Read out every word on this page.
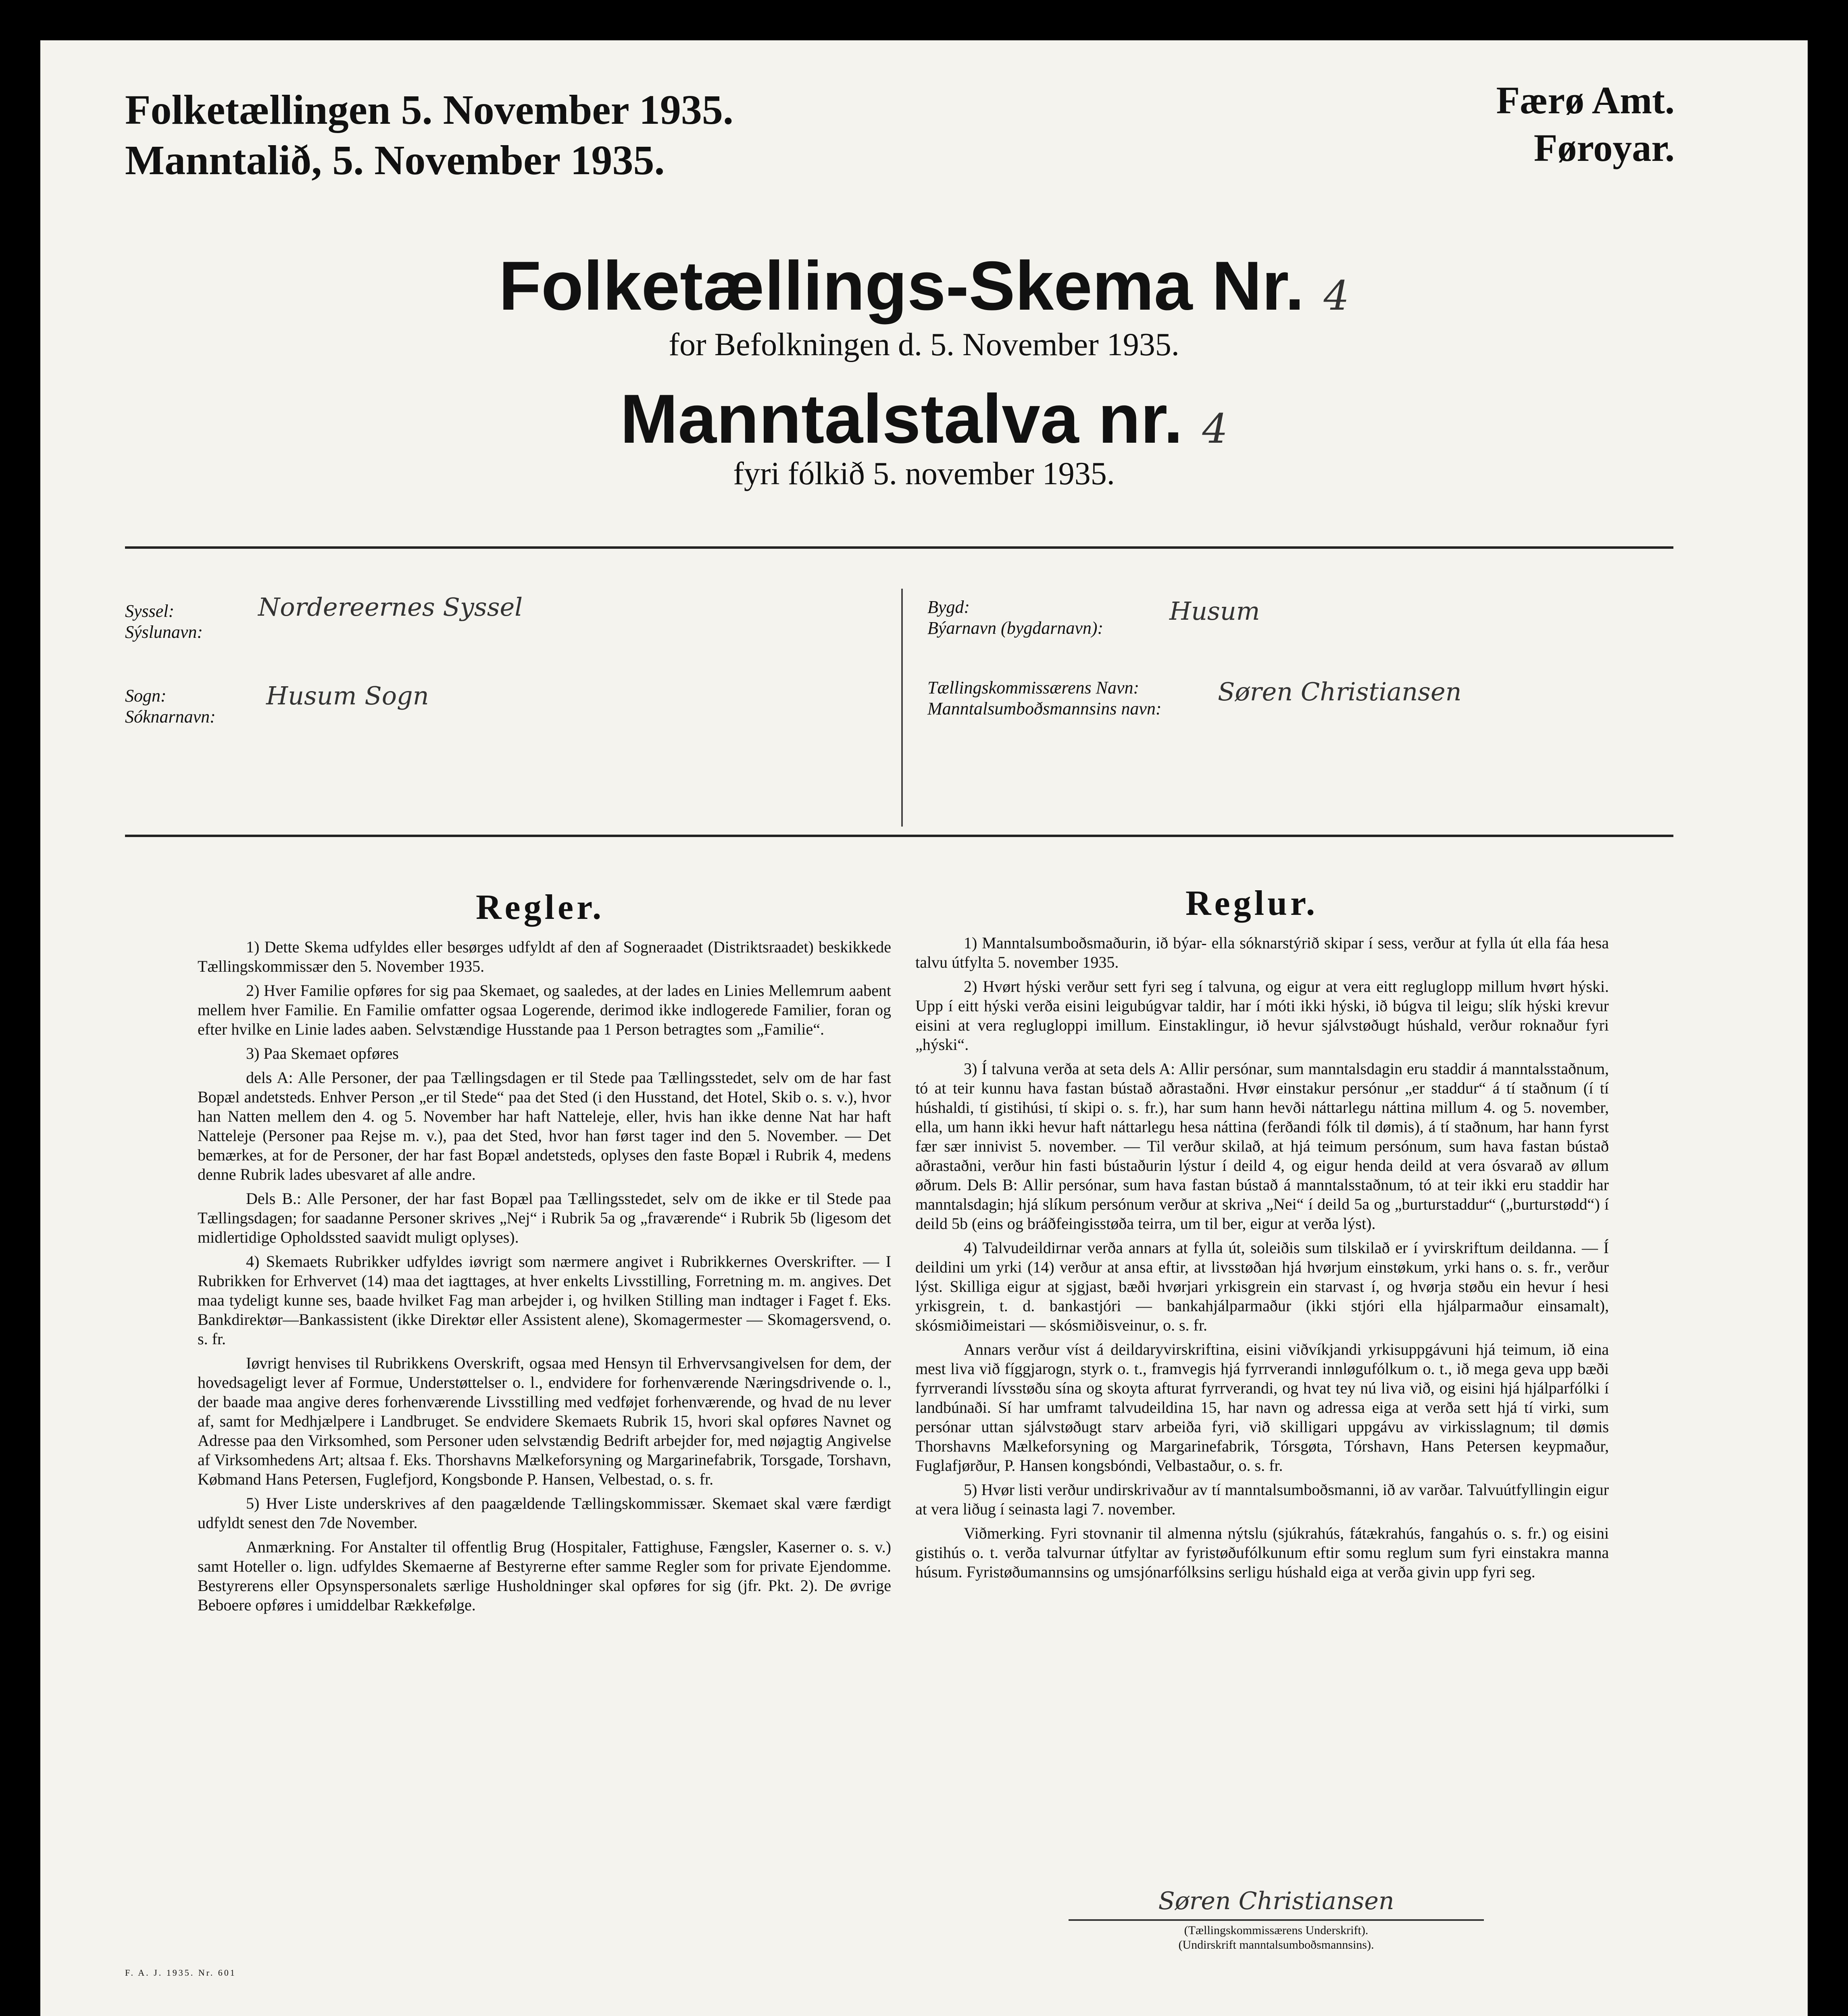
Folketællingen 5. November 1935.
Manntalið, 5. November 1935.
Færø Amt.
Føroyar.
Folketællings-Skema Nr. 4
for Befolkningen d. 5. November 1935.
Manntalstalva nr. 4
fyri fólkið 5. november 1935.
Syssel:
Sýslunavn:
Nordereernes Syssel
Sogn:
Sóknarnavn:
Husum Sogn
Bygd:
Býarnavn (bygdarnavn):
Husum
Tællingskommissærens Navn:
Manntalsumboðsmannsins navn:
Søren Christiansen
Regler.

1) Dette Skema udfyldes eller besørges udfyldt af den af Sogneraadet (Distriktsraadet) beskikkede Tællingskommissær den 5. November 1935.

2) Hver Familie opføres for sig paa Skemaet, og saaledes, at der lades en Linies Mellemrum aabent mellem hver Familie. En Familie omfatter ogsaa Logerende, derimod ikke indlogerede Familier, foran og efter hvilke en Linie lades aaben. Selvstændige Husstande paa 1 Person betragtes som „Familie“.

3) Paa Skemaet opføres

dels A: Alle Personer, der paa Tællingsdagen er til Stede paa Tællingsstedet, selv om de har fast Bopæl andetsteds. Enhver Person „er til Stede“ paa det Sted (i den Husstand, det Hotel, Skib o. s. v.), hvor han Natten mellem den 4. og 5. November har haft Natteleje, eller, hvis han ikke denne Nat har haft Natteleje (Personer paa Rejse m. v.), paa det Sted, hvor han først tager ind den 5. November. — Det bemærkes, at for de Personer, der har fast Bopæl andetsteds, oplyses den faste Bopæl i Rubrik 4, medens denne Rubrik lades ubesvaret af alle andre.

Dels B.: Alle Personer, der har fast Bopæl paa Tællingsstedet, selv om de ikke er til Stede paa Tællingsdagen; for saadanne Personer skrives „Nej“ i Rubrik 5a og „fraværende“ i Rubrik 5b (ligesom det midlertidige Opholdssted saavidt muligt oplyses).

4) Skemaets Rubrikker udfyldes iøvrigt som nærmere angivet i Rubrikkernes Overskrifter. — I Rubrikken for Erhvervet (14) maa det iagttages, at hver enkelts Livsstilling, Forretning m. m. angives. Det maa tydeligt kunne ses, baade hvilket Fag man arbejder i, og hvilken Stilling man indtager i Faget f. Eks. Bankdirektør—Bankassistent (ikke Direktør eller Assistent alene), Skomagermester — Skomagersvend, o. s. fr.

Iøvrigt henvises til Rubrikkens Overskrift, ogsaa med Hensyn til Erhvervsangivelsen for dem, der hovedsageligt lever af Formue, Understøttelser o. l., endvidere for forhenværende Næringsdrivende o. l., der baade maa angive deres forhenværende Livsstilling med vedføjet forhenværende, og hvad de nu lever af, samt for Medhjælpere i Landbruget. Se endvidere Skemaets Rubrik 15, hvori skal opføres Navnet og Adresse paa den Virksomhed, som Personer uden selvstændig Bedrift arbejder for, med nøjagtig Angivelse af Virksomhedens Art; altsaa f. Eks. Thorshavns Mælkeforsyning og Margarinefabrik, Torsgade, Torshavn, Købmand Hans Petersen, Fuglefjord, Kongsbonde P. Hansen, Velbestad, o. s. fr.

5) Hver Liste underskrives af den paagældende Tællingskommissær. Skemaet skal være færdigt udfyldt senest den 7de November.

Anmærkning. For Anstalter til offentlig Brug (Hospitaler, Fattighuse, Fængsler, Kaserner o. s. v.) samt Hoteller o. lign. udfyldes Skemaerne af Bestyrerne efter samme Regler som for private Ejendomme. Bestyrerens eller Opsynspersonalets særlige Husholdninger skal opføres for sig (jfr. Pkt. 2). De øvrige Beboere opføres i umiddelbar Rækkefølge.

Reglur.

1) Manntalsumboðsmaðurin, ið býar- ella sóknarstýrið skipar í sess, verður at fylla út ella fáa hesa talvu útfylta 5. november 1935.

2) Hvørt hýski verður sett fyri seg í talvuna, og eigur at vera eitt regluglopp millum hvørt hýski. Upp í eitt hýski verða eisini leigubúgvar taldir, har í móti ikki hýski, ið búgva til leigu; slík hýski krevur eisini at vera reglugloppi imillum. Einstaklingur, ið hevur sjálvstøðugt húshald, verður roknaður fyri „hýski“.

3) Í talvuna verða at seta dels A: Allir persónar, sum manntalsdagin eru staddir á manntalsstaðnum, tó at teir kunnu hava fastan bústað aðrastaðni. Hvør einstakur persónur „er staddur“ á tí staðnum (í tí húshaldi, tí gistihúsi, tí skipi o. s. fr.), har sum hann hevði náttarlegu náttina millum 4. og 5. november, ella, um hann ikki hevur haft náttarlegu hesa náttina (ferðandi fólk til dømis), á tí staðnum, har hann fyrst fær sær innivist 5. november. — Til verður skilað, at hjá teimum persónum, sum hava fastan bústað aðrastaðni, verður hin fasti bústaðurin lýstur í deild 4, og eigur henda deild at vera ósvarað av øllum øðrum. Dels B: Allir persónar, sum hava fastan bústað á manntalsstaðnum, tó at teir ikki eru staddir har manntalsdagin; hjá slíkum persónum verður at skriva „Nei“ í deild 5a og „burturstaddur“ („burturstødd“) í deild 5b (eins og bráðfeingisstøða teirra, um til ber, eigur at verða lýst).

4) Talvudeildirnar verða annars at fylla út, soleiðis sum tilskilað er í yvirskriftum deildanna. — Í deildini um yrki (14) verður at ansa eftir, at livsstøðan hjá hvørjum einstøkum, yrki hans o. s. fr., verður lýst. Skilliga eigur at sjgjast, bæði hvørjari yrkisgrein ein starvast í, og hvørja støðu ein hevur í hesi yrkisgrein, t. d. bankastjóri — bankahjálparmaður (ikki stjóri ella hjálparmaður einsamalt), skósmiðimeistari — skósmiðisveinur, o. s. fr.

Annars verður víst á deildaryvirskriftina, eisini viðvíkjandi yrkisuppgávuni hjá teimum, ið eina mest liva við fíggjarogn, styrk o. t., framvegis hjá fyrrverandi innløgufólkum o. t., ið mega geva upp bæði fyrrverandi lívsstøðu sína og skoyta afturat fyrrverandi, og hvat tey nú liva við, og eisini hjá hjálparfólki í landbúnaði. Sí har umframt talvudeildina 15, har navn og adressa eiga at verða sett hjá tí virki, sum persónar uttan sjálvstøðugt starv arbeiða fyri, við skilligari uppgávu av virkisslagnum; til dømis Thorshavns Mælkeforsyning og Margarinefabrik, Tórsgøta, Tórshavn, Hans Petersen keypmaður, Fuglafjørður, P. Hansen kongsbóndi, Velbastaður, o. s. fr.

5) Hvør listi verður undirskrivaður av tí manntalsumboðsmanni, ið av varðar. Talvuútfyllingin eigur at vera liðug í seinasta lagi 7. november.

Viðmerking. Fyri stovnanir til almenna nýtslu (sjúkrahús, fátækrahús, fangahús o. s. fr.) og eisini gistihús o. t. verða talvurnar útfyltar av fyristøðufólkunum eftir somu reglum sum fyri einstakra manna húsum. Fyristøðumannsins og umsjónarfólksins serligu húshald eiga at verða givin upp fyri seg.

Søren Christiansen
(Tællingskommissærens Underskrift).
(Undirskrift manntalsumboðsmannsins).
F. A. J. 1935. Nr. 601
